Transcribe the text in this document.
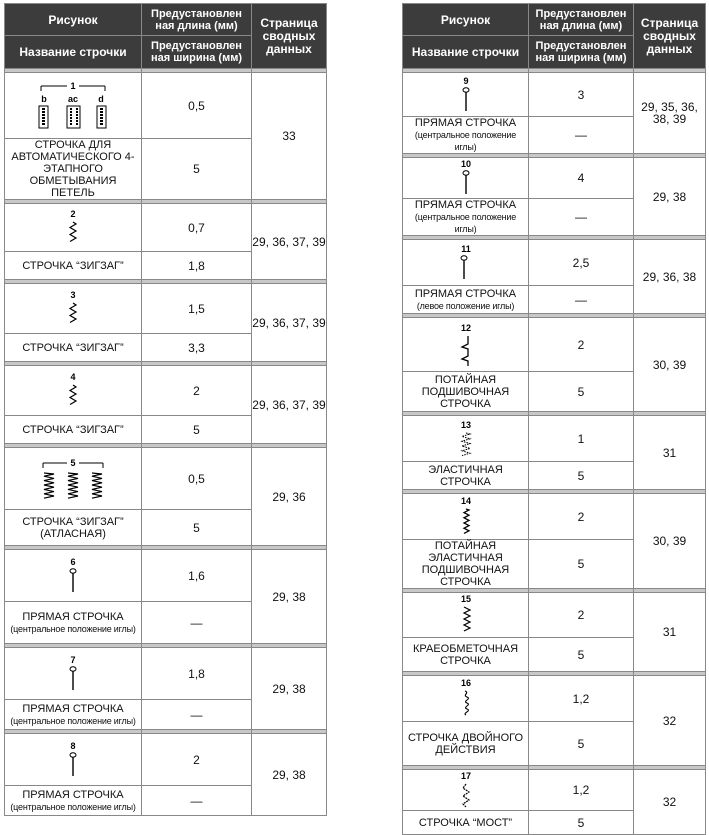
Рисунок	Предустановлен ная длина (мм)	Страница сводных данных
Название строчки	Предустановлен ная ширина (мм)	

1
b ac d	0,5	33
СТРОЧКА ДЛЯ АВТОМАТИЧЕСКОГО 4-ЭТАПНОГО ОБМЕТЫВАНИЯ ПЕТЕЛЬ	5	

2	0,7	29, 36, 37, 39
СТРОЧКА “ЗИГЗАГ”	1,8	

3	1,5	29, 36, 37, 39
СТРОЧКА “ЗИГЗАГ”	3,3	

4	2	29, 36, 37, 39
СТРОЧКА “ЗИГЗАГ”	5	

5	0,5	29, 36
СТРОЧКА “ЗИГЗАГ” (АТЛАСНАЯ)	5	

6	1,6	29, 38
ПРЯМАЯ СТРОЧКА
(центральное положение иглы)	—	

7	1,8	29, 38
ПРЯМАЯ СТРОЧКА
(центральное положение иглы)	—	

8	2	29, 38
ПРЯМАЯ СТРОЧКА
(центральное положение иглы)	—	
Рисунок	Предустановлен ная длина (мм)	Страница сводных данных
Название строчки	Предустановлен ная ширина (мм)	

9	3	29, 35, 36, 38, 39
ПРЯМАЯ СТРОЧКА
(центральное положение иглы)	—	

10	4	29, 38
ПРЯМАЯ СТРОЧКА
(центральное положение иглы)	—	

11	2,5	29, 36, 38
ПРЯМАЯ СТРОЧКА
(левое положение иглы)	—	

12	2	30, 39
ПОТАЙНАЯ ПОДШИВОЧНАЯ СТРОЧКА	5	

13	1	31
ЭЛАСТИЧНАЯ СТРОЧКА	5	

14	2	30, 39
ПОТАЙНАЯ ЭЛАСТИЧНАЯ ПОДШИВОЧНАЯ СТРОЧКА	5	

15	2	31
КРАЕОБМЕТОЧНАЯ СТРОЧКА	5	

16	1,2	32
СТРОЧКА ДВОЙНОГО ДЕЙСТВИЯ	5	

17	1,2	32
СТРОЧКА “МОСТ”	5	
